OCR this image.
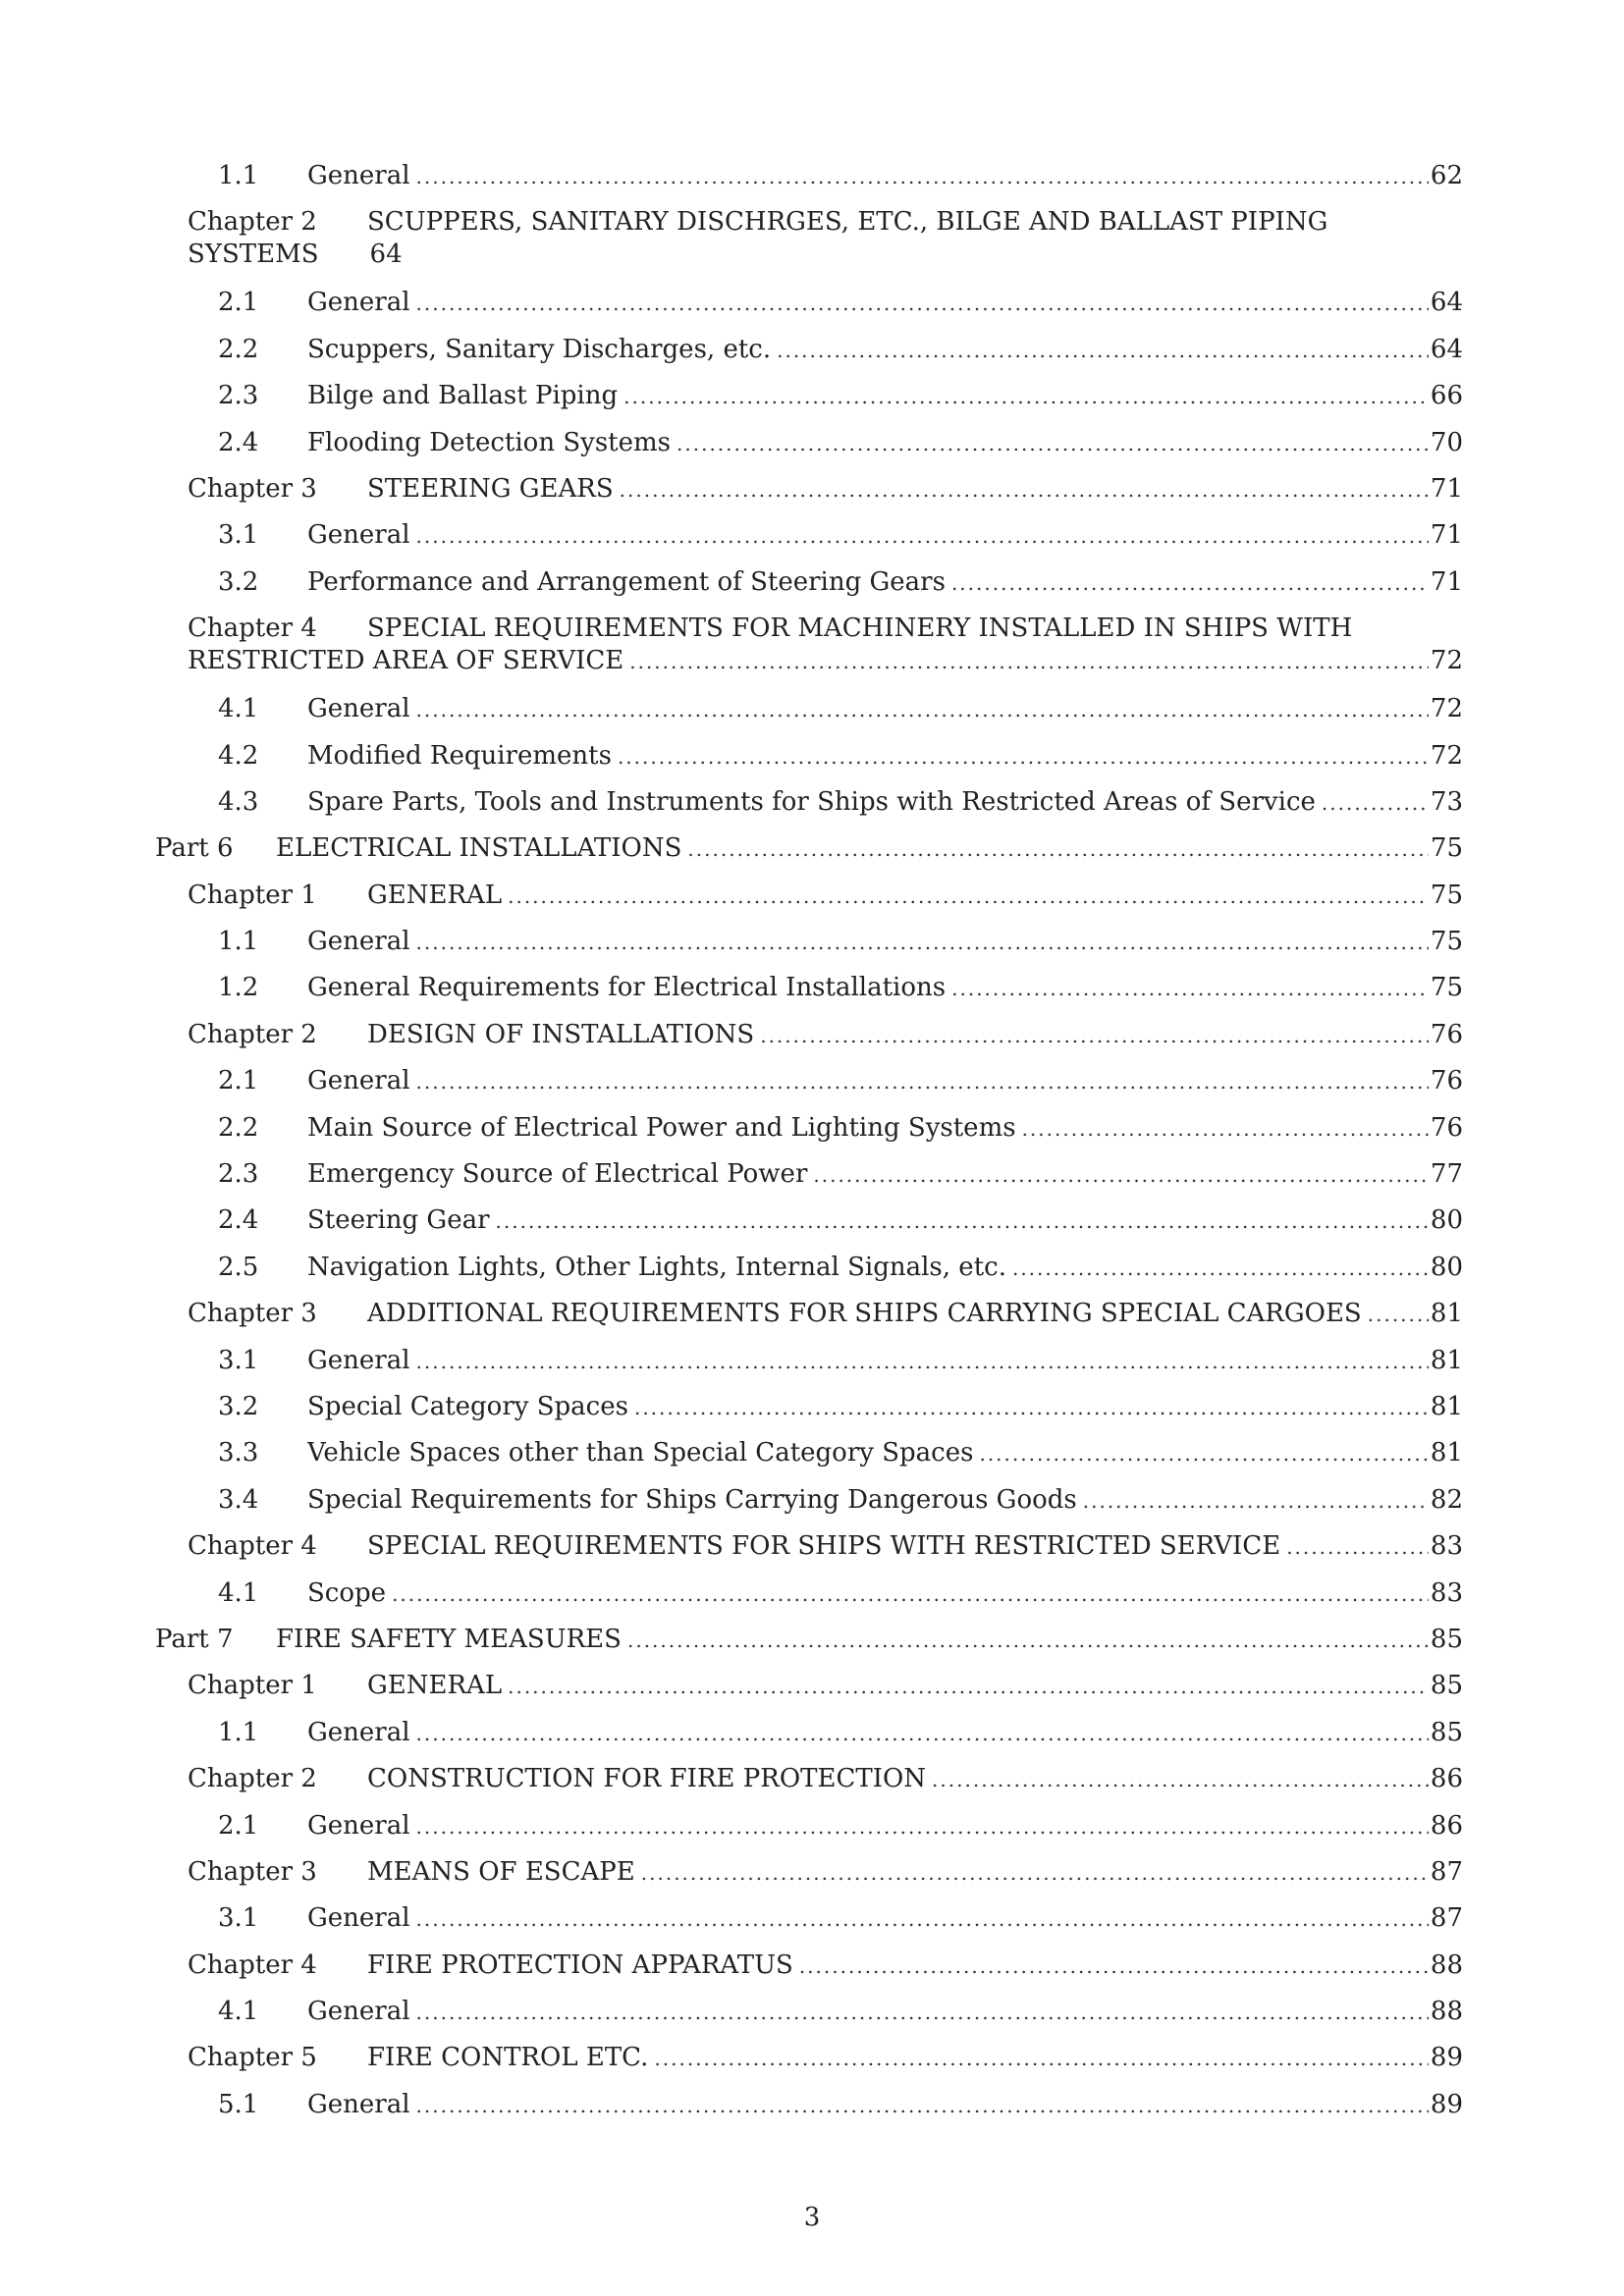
1.1 General .....	62
Chapter 2 SCUPPERS, SANITARY DISCHRGES, ETC., BILGE AND BALLAST PIPING
SYSTEMS 64
2.1 General .....	64
2.2 Scuppers, Sanitary Discharges, etc. .....	64
2.3 Bilge and Ballast Piping .....	66
2.4 Flooding Detection Systems .....	70
Chapter 3 STEERING GEARS .....	71
3.1 General .....	71
3.2 Performance and Arrangement of Steering Gears .....	71
Chapter 4 SPECIAL REQUIREMENTS FOR MACHINERY INSTALLED IN SHIPS WITH
RESTRICTED AREA OF SERVICE .....	72
4.1 General .....	72
4.2 Modified Requirements .....	72
4.3 Spare Parts, Tools and Instruments for Ships with Restricted Areas of Service .....	73
Part 6 ELECTRICAL INSTALLATIONS .....	75
Chapter 1 GENERAL .....	75
1.1 General .....	75
1.2 General Requirements for Electrical Installations .....	75
Chapter 2 DESIGN OF INSTALLATIONS .....	76
2.1 General .....	76
2.2 Main Source of Electrical Power and Lighting Systems .....	76
2.3 Emergency Source of Electrical Power .....	77
2.4 Steering Gear .....	80
2.5 Navigation Lights, Other Lights, Internal Signals, etc. .....	80
Chapter 3 ADDITIONAL REQUIREMENTS FOR SHIPS CARRYING SPECIAL CARGOES .....	81
3.1 General .....	81
3.2 Special Category Spaces .....	81
3.3 Vehicle Spaces other than Special Category Spaces .....	81
3.4 Special Requirements for Ships Carrying Dangerous Goods .....	82
Chapter 4 SPECIAL REQUIREMENTS FOR SHIPS WITH RESTRICTED SERVICE .....	83
4.1 Scope .....	83
Part 7 FIRE SAFETY MEASURES .....	85
Chapter 1 GENERAL .....	85
1.1 General .....	85
Chapter 2 CONSTRUCTION FOR FIRE PROTECTION .....	86
2.1 General .....	86
Chapter 3 MEANS OF ESCAPE .....	87
3.1 General .....	87
Chapter 4 FIRE PROTECTION APPARATUS .....	88
4.1 General .....	88
Chapter 5 FIRE CONTROL ETC. .....	89
5.1 General .....	89
3
